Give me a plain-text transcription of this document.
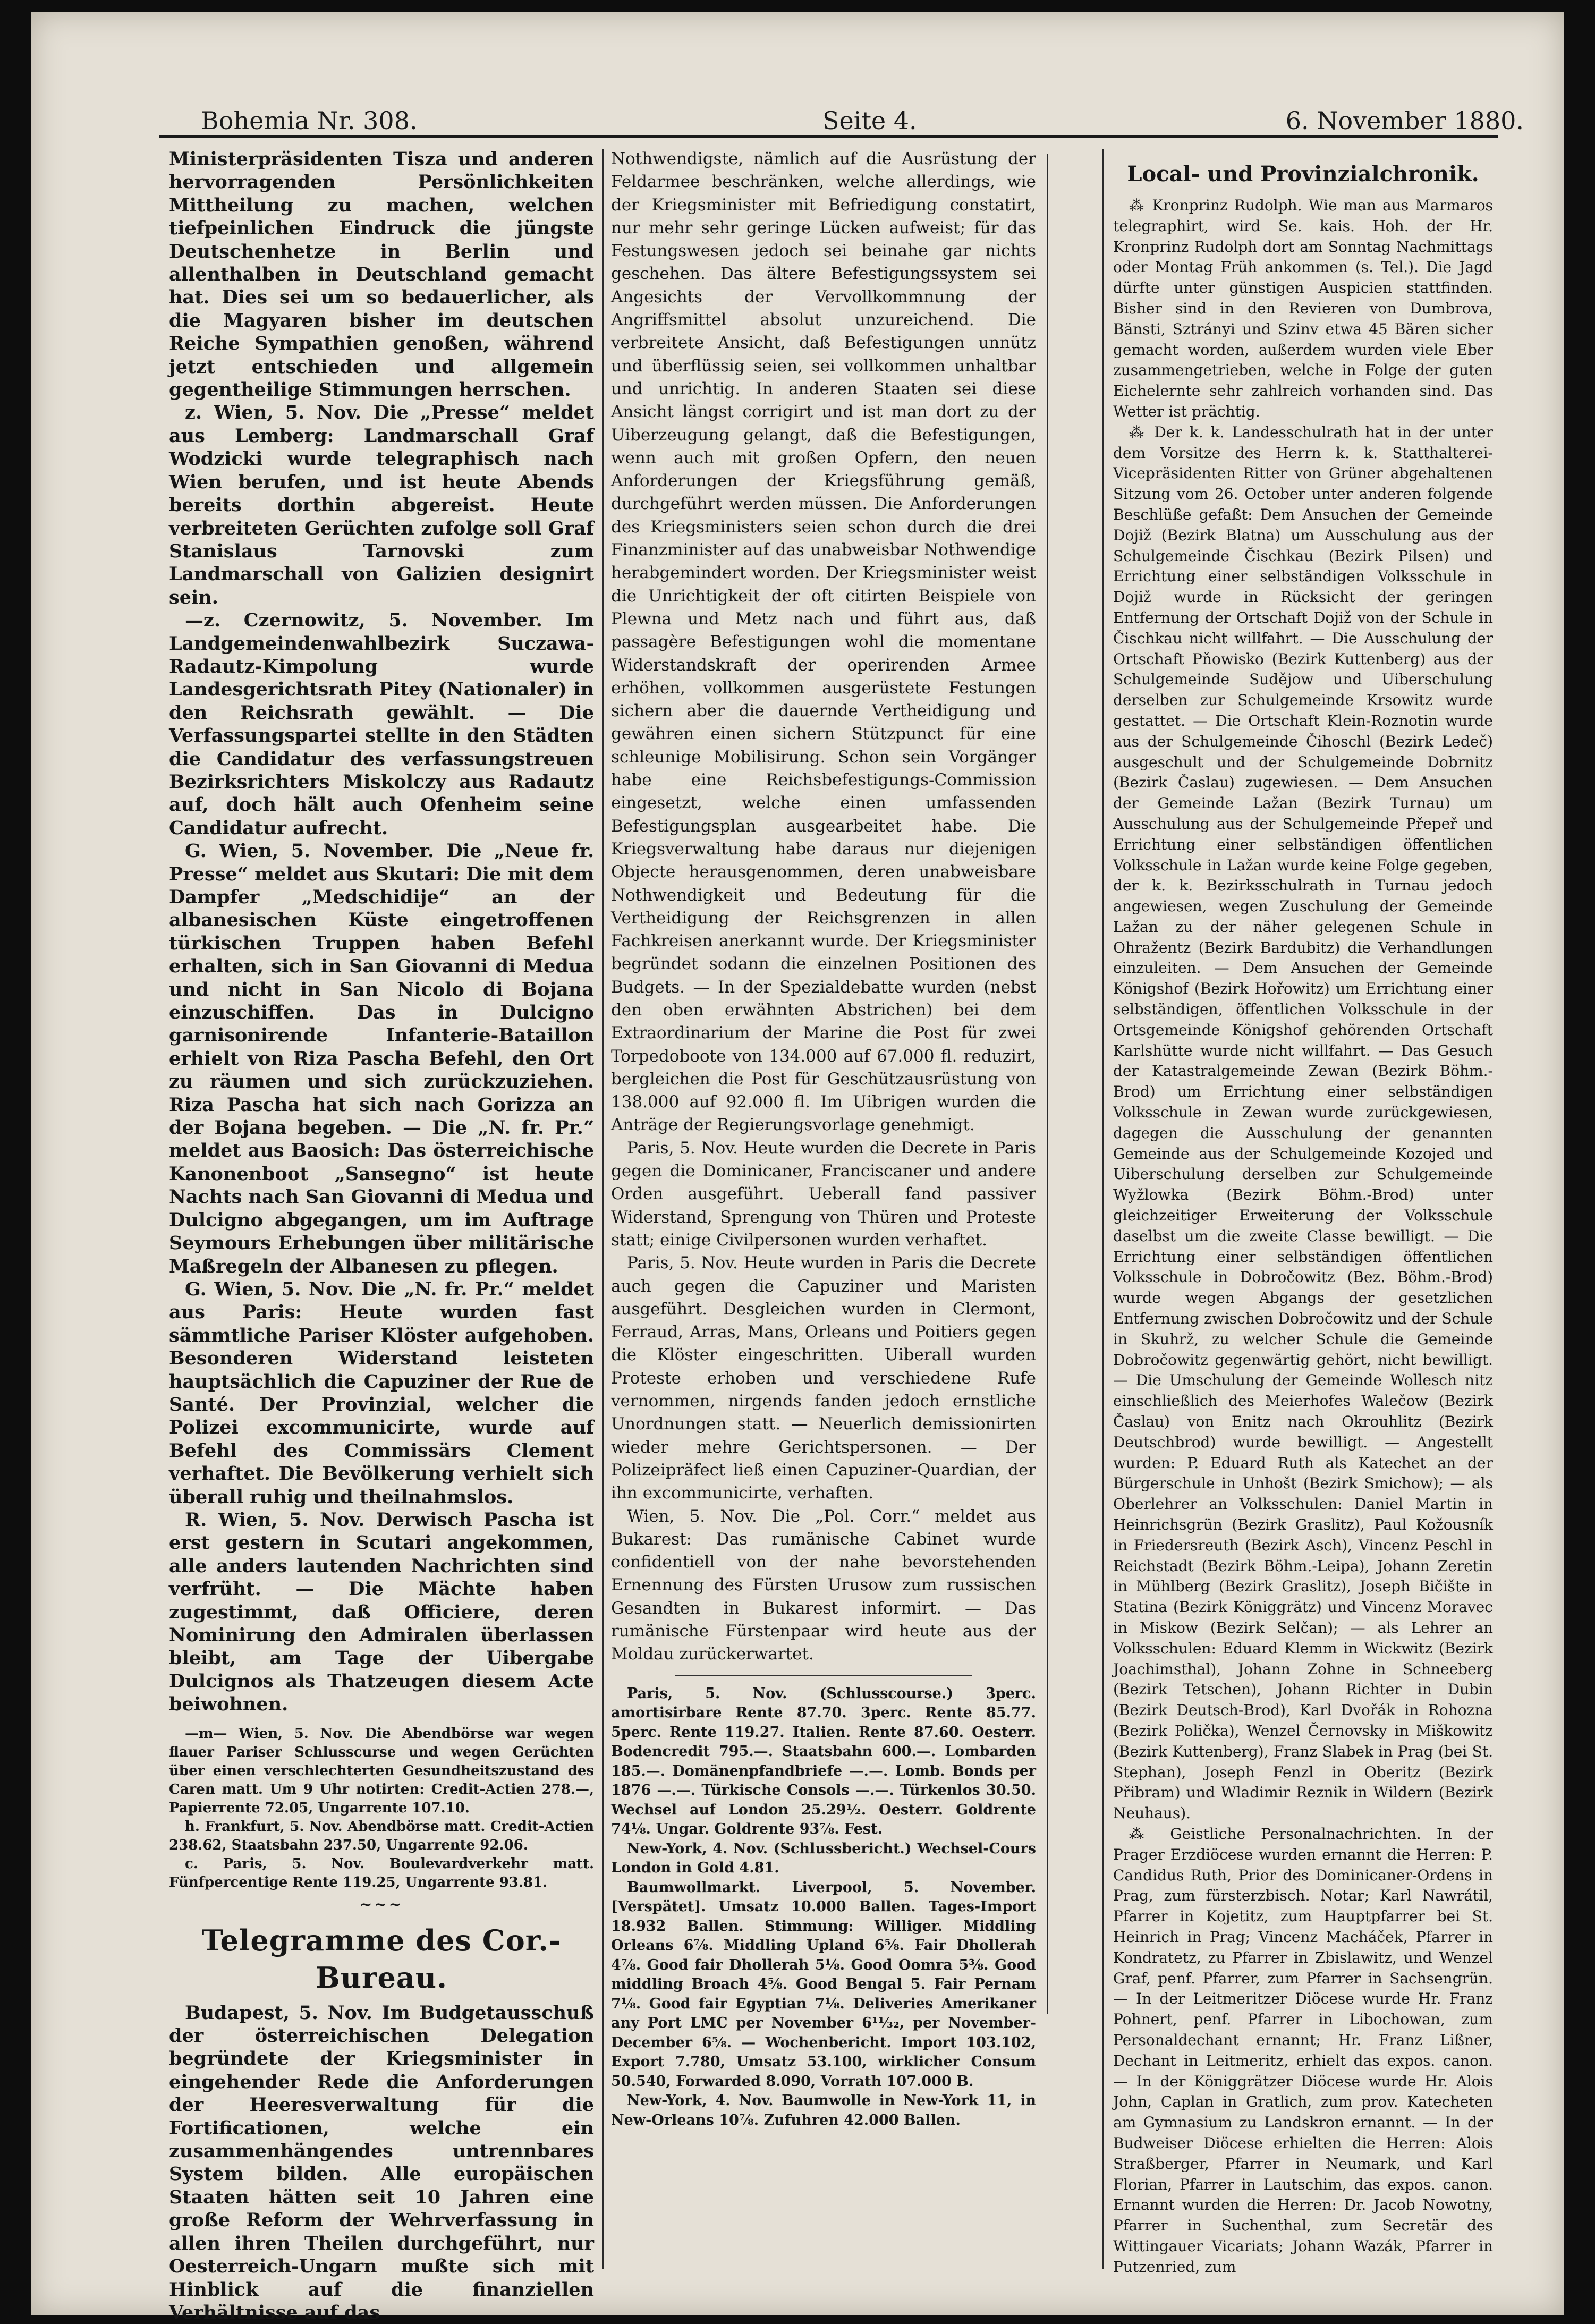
Bohemia Nr. 308.	Seite 4.	6. November 1880.

Ministerpräsidenten Tisza und anderen hervorragenden Persönlichkeiten Mittheilung zu machen, welchen tiefpeinlichen Eindruck die jüngste Deutschenhetze in Berlin und allenthalben in Deutschland gemacht hat. Dies sei um so bedauerlicher, als die Magyaren bisher im deutschen Reiche Sympathien genoßen, während jetzt entschieden und allgemein gegentheilige Stimmungen herrschen.

z. Wien, 5. Nov. Die „Presse“ meldet aus Lemberg: Landmarschall Graf Wodzicki wurde telegraphisch nach Wien berufen, und ist heute Abends bereits dorthin abgereist. Heute verbreiteten Gerüchten zufolge soll Graf Stanislaus Tarnovski zum Landmarschall von Galizien designirt sein.

—z. Czernowitz, 5. November. Im Landgemeindenwahlbezirk Suczawa-Radautz-Kimpolung wurde Landesgerichtsrath Pitey (Nationaler) in den Reichsrath gewählt. — Die Verfassungspartei stellte in den Städten die Candidatur des verfassungstreuen Bezirksrichters Miskolczy aus Radautz auf, doch hält auch Ofenheim seine Candidatur aufrecht.

G. Wien, 5. November. Die „Neue fr. Presse“ meldet aus Skutari: Die mit dem Dampfer „Medschidije“ an der albanesischen Küste eingetroffenen türkischen Truppen haben Befehl erhalten, sich in San Giovanni di Medua und nicht in San Nicolo di Bojana einzuschiffen. Das in Dulcigno garnisonirende Infanterie-Bataillon erhielt von Riza Pascha Befehl, den Ort zu räumen und sich zurückzuziehen. Riza Pascha hat sich nach Gorizza an der Bojana begeben. — Die „N. fr. Pr.“ meldet aus Baosich: Das österreichische Kanonenboot „Sansegno“ ist heute Nachts nach San Giovanni di Medua und Dulcigno abgegangen, um im Auftrage Seymours Erhebungen über militärische Maßregeln der Albanesen zu pflegen.

G. Wien, 5. Nov. Die „N. fr. Pr.“ meldet aus Paris: Heute wurden fast sämmtliche Pariser Klöster aufgehoben. Besonderen Widerstand leisteten hauptsächlich die Capuziner der Rue de Santé. Der Provinzial, welcher die Polizei excommunicirte, wurde auf Befehl des Commissärs Clement verhaftet. Die Bevölkerung verhielt sich überall ruhig und theilnahmslos.

R. Wien, 5. Nov. Derwisch Pascha ist erst gestern in Scutari angekommen, alle anders lautenden Nachrichten sind verfrüht. — Die Mächte haben zugestimmt, daß Officiere, deren Nominirung den Admiralen überlassen bleibt, am Tage der Uibergabe Dulcignos als Thatzeugen diesem Acte beiwohnen.

—m— Wien, 5. Nov. Die Abendbörse war wegen flauer Pariser Schlusscurse und wegen Gerüchten über einen verschlechterten Gesundheitszustand des Caren matt. Um 9 Uhr notirten: Credit-Actien 278.—, Papierrente 72.05, Ungarrente 107.10.

h. Frankfurt, 5. Nov. Abendbörse matt. Credit-Actien 238.62, Staatsbahn 237.50, Ungarrente 92.06.

c. Paris, 5. Nov. Boulevardverkehr matt. Fünfpercentige Rente 119.25, Ungarrente 93.81.

~~~
Telegramme des Cor.-Bureau.

Budapest, 5. Nov. Im Budgetausschuß der österreichischen Delegation begründete der Kriegsminister in eingehender Rede die Anforderungen der Heeresverwaltung für die Fortificationen, welche ein zusammenhängendes untrennbares System bilden. Alle europäischen Staaten hätten seit 10 Jahren eine große Reform der Wehrverfassung in allen ihren Theilen durchgeführt, nur Oesterreich-Ungarn mußte sich mit Hinblick auf die finanziellen Verhältnisse auf das

Nothwendigste, nämlich auf die Ausrüstung der Feldarmee beschränken, welche allerdings, wie der Kriegsminister mit Befriedigung constatirt, nur mehr sehr geringe Lücken aufweist; für das Festungswesen jedoch sei beinahe gar nichts geschehen. Das ältere Befestigungssystem sei Angesichts der Vervollkommnung der Angriffsmittel absolut unzureichend. Die verbreitete Ansicht, daß Befestigungen unnütz und überflüssig seien, sei vollkommen unhaltbar und unrichtig. In anderen Staaten sei diese Ansicht längst corrigirt und ist man dort zu der Uiberzeugung gelangt, daß die Befestigungen, wenn auch mit großen Opfern, den neuen Anforderungen der Kriegsführung gemäß, durchgeführt werden müssen. Die Anforderungen des Kriegsministers seien schon durch die drei Finanzminister auf das unabweisbar Nothwendige herabgemindert worden. Der Kriegsminister weist die Unrichtigkeit der oft citirten Beispiele von Plewna und Metz nach und führt aus, daß passagère Befestigungen wohl die momentane Widerstandskraft der operirenden Armee erhöhen, vollkommen ausgerüstete Festungen sichern aber die dauernde Vertheidigung und gewähren einen sichern Stützpunct für eine schleunige Mobilisirung. Schon sein Vorgänger habe eine Reichsbefestigungs-Commission eingesetzt, welche einen umfassenden Befestigungsplan ausgearbeitet habe. Die Kriegsverwaltung habe daraus nur diejenigen Objecte herausgenommen, deren unabweisbare Nothwendigkeit und Bedeutung für die Vertheidigung der Reichsgrenzen in allen Fachkreisen anerkannt wurde. Der Kriegsminister begründet sodann die einzelnen Positionen des Budgets. — In der Spezialdebatte wurden (nebst den oben erwähnten Abstrichen) bei dem Extraordinarium der Marine die Post für zwei Torpedoboote von 134.000 auf 67.000 fl. reduzirt, bergleichen die Post für Geschützausrüstung von 138.000 auf 92.000 fl. Im Uibrigen wurden die Anträge der Regierungsvorlage genehmigt.

Paris, 5. Nov. Heute wurden die Decrete in Paris gegen die Dominicaner, Franciscaner und andere Orden ausgeführt. Ueberall fand passiver Widerstand, Sprengung von Thüren und Proteste statt; einige Civilpersonen wurden verhaftet.

Paris, 5. Nov. Heute wurden in Paris die Decrete auch gegen die Capuziner und Maristen ausgeführt. Desgleichen wurden in Clermont, Ferraud, Arras, Mans, Orleans und Poitiers gegen die Klöster eingeschritten. Uiberall wurden Proteste erhoben und verschiedene Rufe vernommen, nirgends fanden jedoch ernstliche Unordnungen statt. — Neuerlich demissionirten wieder mehre Gerichtspersonen. — Der Polizeipräfect ließ einen Capuziner-Quardian, der ihn excommunicirte, verhaften.

Wien, 5. Nov. Die „Pol. Corr.“ meldet aus Bukarest: Das rumänische Cabinet wurde confidentiell von der nahe bevorstehenden Ernennung des Fürsten Urusow zum russischen Gesandten in Bukarest informirt. — Das rumänische Fürstenpaar wird heute aus der Moldau zurückerwartet.

Paris, 5. Nov. (Schlusscourse.) 3perc. amortisirbare Rente 87.70. 3perc. Rente 85.77. 5perc. Rente 119.27. Italien. Rente 87.60. Oesterr. Bodencredit 795.—. Staatsbahn 600.—. Lombarden 185.—. Domänenpfandbriefe —.—. Lomb. Bonds per 1876 —.—. Türkische Consols —.—. Türkenlos 30.50. Wechsel auf London 25.29½. Oesterr. Goldrente 74⅛. Ungar. Goldrente 93⅞. Fest.

New-York, 4. Nov. (Schlussbericht.) Wechsel-Cours London in Gold 4.81.

Baumwollmarkt. Liverpool, 5. November. [Verspätet]. Umsatz 10.000 Ballen. Tages-Import 18.932 Ballen. Stimmung: Williger. Middling Orleans 6⅞. Middling Upland 6⅝. Fair Dhollerah 4⅞. Good fair Dhollerah 5⅛. Good Oomra 5⅜. Good middling Broach 4⅝. Good Bengal 5. Fair Pernam 7⅛. Good fair Egyptian 7⅛. Deliveries Amerikaner any Port LMC per November 6¹¹⁄₃₂, per November-December 6⅝. — Wochenbericht. Import 103.102, Export 7.780, Umsatz 53.100, wirklicher Consum 50.540, Forwarded 8.090, Vorrath 107.000 B.

New-York, 4. Nov. Baumwolle in New-York 11, in New-Orleans 10⅞. Zufuhren 42.000 Ballen.

Local- und Provinzialchronik.

⁂ Kronprinz Rudolph. Wie man aus Marmaros telegraphirt, wird Se. kais. Hoh. der Hr. Kronprinz Rudolph dort am Sonntag Nachmittags oder Montag Früh ankommen (s. Tel.). Die Jagd dürfte unter günstigen Auspicien stattfinden. Bisher sind in den Revieren von Dumbrova, Bänsti, Sztrányi und Szinv etwa 45 Bären sicher gemacht worden, außerdem wurden viele Eber zusammengetrieben, welche in Folge der guten Eichelernte sehr zahlreich vorhanden sind. Das Wetter ist prächtig.

⁂ Der k. k. Landesschulrath hat in der unter dem Vorsitze des Herrn k. k. Statthalterei-Vicepräsidenten Ritter von Grüner abgehaltenen Sitzung vom 26. October unter anderen folgende Beschlüße gefaßt: Dem Ansuchen der Gemeinde Dojiž (Bezirk Blatna) um Ausschulung aus der Schulgemeinde Čischkau (Bezirk Pilsen) und Errichtung einer selbständigen Volksschule in Dojiž wurde in Rücksicht der geringen Entfernung der Ortschaft Dojiž von der Schule in Čischkau nicht willfahrt. — Die Ausschulung der Ortschaft Pňowisko (Bezirk Kuttenberg) aus der Schulgemeinde Sudějow und Uiberschulung derselben zur Schulgemeinde Krsowitz wurde gestattet. — Die Ortschaft Klein-Roznotin wurde aus der Schulgemeinde Čihoschl (Bezirk Ledeč) ausgeschult und der Schulgemeinde Dobrnitz (Bezirk Časlau) zugewiesen. — Dem Ansuchen der Gemeinde Lažan (Bezirk Turnau) um Ausschulung aus der Schulgemeinde Přepeř und Errichtung einer selbständigen öffentlichen Volksschule in Lažan wurde keine Folge gegeben, der k. k. Bezirksschulrath in Turnau jedoch angewiesen, wegen Zuschulung der Gemeinde Lažan zu der näher gelegenen Schule in Ohražentz (Bezirk Bardubitz) die Verhandlungen einzuleiten. — Dem Ansuchen der Gemeinde Königshof (Bezirk Hořowitz) um Errichtung einer selbständigen, öffentlichen Volksschule in der Ortsgemeinde Königshof gehörenden Ortschaft Karlshütte wurde nicht willfahrt. — Das Gesuch der Katastralgemeinde Zewan (Bezirk Böhm.-Brod) um Errichtung einer selbständigen Volksschule in Zewan wurde zurückgewiesen, dagegen die Ausschulung der genannten Gemeinde aus der Schulgemeinde Kozojed und Uiberschulung derselben zur Schulgemeinde Wyžlowka (Bezirk Böhm.-Brod) unter gleichzeitiger Erweiterung der Volksschule daselbst um die zweite Classe bewilligt. — Die Errichtung einer selbständigen öffentlichen Volksschule in Dobročowitz (Bez. Böhm.-Brod) wurde wegen Abgangs der gesetzlichen Entfernung zwischen Dobročowitz und der Schule in Skuhrž, zu welcher Schule die Gemeinde Dobročowitz gegenwärtig gehört, nicht bewilligt. — Die Umschulung der Gemeinde Wollesch nitz einschließlich des Meierhofes Walečow (Bezirk Časlau) von Enitz nach Okrouhlitz (Bezirk Deutschbrod) wurde bewilligt. — Angestellt wurden: P. Eduard Ruth als Katechet an der Bürgerschule in Unhošt (Bezirk Smichow); — als Oberlehrer an Volksschulen: Daniel Martin in Heinrichsgrün (Bezirk Graslitz), Paul Kožousník in Friedersreuth (Bezirk Asch), Vincenz Peschl in Reichstadt (Bezirk Böhm.-Leipa), Johann Zeretin in Mühlberg (Bezirk Graslitz), Joseph Bičište in Statina (Bezirk Königgrätz) und Vincenz Moravec in Miskow (Bezirk Selčan); — als Lehrer an Volksschulen: Eduard Klemm in Wickwitz (Bezirk Joachimsthal), Johann Zohne in Schneeberg (Bezirk Tetschen), Johann Richter in Dubin (Bezirk Deutsch-Brod), Karl Dvořák in Rohozna (Bezirk Polička), Wenzel Černovsky in Miškowitz (Bezirk Kuttenberg), Franz Slabek in Prag (bei St. Stephan), Joseph Fenzl in Oberitz (Bezirk Přibram) und Wladimir Reznik in Wildern (Bezirk Neuhaus).

⁂ Geistliche Personalnachrichten. In der Prager Erzdiöcese wurden ernannt die Herren: P. Candidus Ruth, Prior des Dominicaner-Ordens in Prag, zum fürsterzbisch. Notar; Karl Nawrátil, Pfarrer in Kojetitz, zum Hauptpfarrer bei St. Heinrich in Prag; Vincenz Macháček, Pfarrer in Kondratetz, zu Pfarrer in Zbislawitz, und Wenzel Graf, penf. Pfarrer, zum Pfarrer in Sachsengrün. — In der Leitmeritzer Diöcese wurde Hr. Franz Pohnert, penf. Pfarrer in Libochowan, zum Personaldechant ernannt; Hr. Franz Lißner, Dechant in Leitmeritz, erhielt das expos. canon. — In der Königgrätzer Diöcese wurde Hr. Alois John, Caplan in Gratlich, zum prov. Katecheten am Gymnasium zu Landskron ernannt. — In der Budweiser Diöcese erhielten die Herren: Alois Straßberger, Pfarrer in Neumark, und Karl Florian, Pfarrer in Lautschim, das expos. canon. Ernannt wurden die Herren: Dr. Jacob Nowotny, Pfarrer in Suchenthal, zum Secretär des Wittingauer Vicariats; Johann Wazák, Pfarrer in Putzenried, zum
